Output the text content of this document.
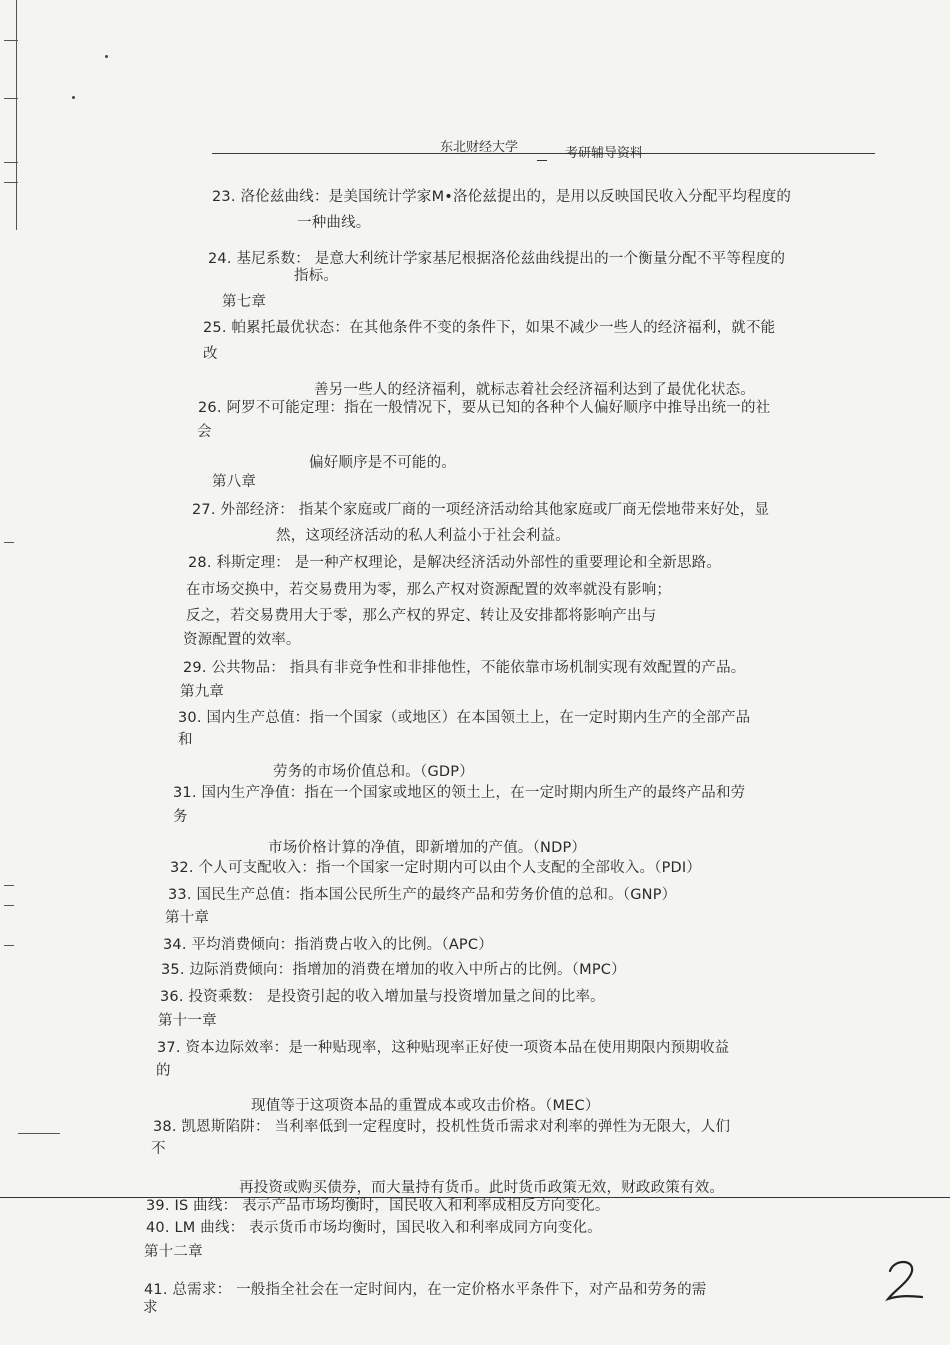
东北财经大学	考研辅导资料
23. 洛伦兹曲线：是美国统计学家M•洛伦兹提出的，是用以反映国民收入分配平均程度的
一种曲线。
24. 基尼系数： 是意大利统计学家基尼根据洛伦兹曲线提出的一个衡量分配不平等程度的
指标。
第七章
25. 帕累托最优状态：在其他条件不变的条件下，如果不减少一些人的经济福利，就不能
改
善另一些人的经济福利，就标志着社会经济福利达到了最优化状态。
26. 阿罗不可能定理：指在一般情况下，要从已知的各种个人偏好顺序中推导出统一的社
会
偏好顺序是不可能的。
第八章
27. 外部经济： 指某个家庭或厂商的一项经济活动给其他家庭或厂商无偿地带来好处，显
然，这项经济活动的私人利益小于社会利益。
28. 科斯定理： 是一种产权理论，是解决经济活动外部性的重要理论和全新思路。
在市场交换中，若交易费用为零，那么产权对资源配置的效率就没有影响；
反之，若交易费用大于零，那么产权的界定、转让及安排都将影响产出与
资源配置的效率。
29. 公共物品： 指具有非竞争性和非排他性，不能依靠市场机制实现有效配置的产品。
第九章
30. 国内生产总值：指一个国家（或地区）在本国领土上，在一定时期内生产的全部产品
和
劳务的市场价值总和。（GDP）
31. 国内生产净值：指在一个国家或地区的领土上，在一定时期内所生产的最终产品和劳
务
市场价格计算的净值，即新增加的产值。（NDP）
32. 个人可支配收入：指一个国家一定时期内可以由个人支配的全部收入。（PDI）
33. 国民生产总值：指本国公民所生产的最终产品和劳务价值的总和。（GNP）
第十章
34. 平均消费倾向：指消费占收入的比例。（APC）
35. 边际消费倾向：指增加的消费在增加的收入中所占的比例。（MPC）
36. 投资乘数： 是投资引起的收入增加量与投资增加量之间的比率。
第十一章
37. 资本边际效率：是一种贴现率，这种贴现率正好使一项资本品在使用期限内预期收益
的
现值等于这项资本品的重置成本或攻击价格。（MEC）
38. 凯恩斯陷阱： 当利率低到一定程度时，投机性货币需求对利率的弹性为无限大，人们
不
再投资或购买债券，而大量持有货币。此时货币政策无效，财政政策有效。
39. IS 曲线： 表示产品市场均衡时，国民收入和利率成相反方向变化。
40. LM 曲线： 表示货币市场均衡时，国民收入和利率成同方向变化。
第十二章
41. 总需求： 一般指全社会在一定时间内，在一定价格水平条件下，对产品和劳务的需
求
